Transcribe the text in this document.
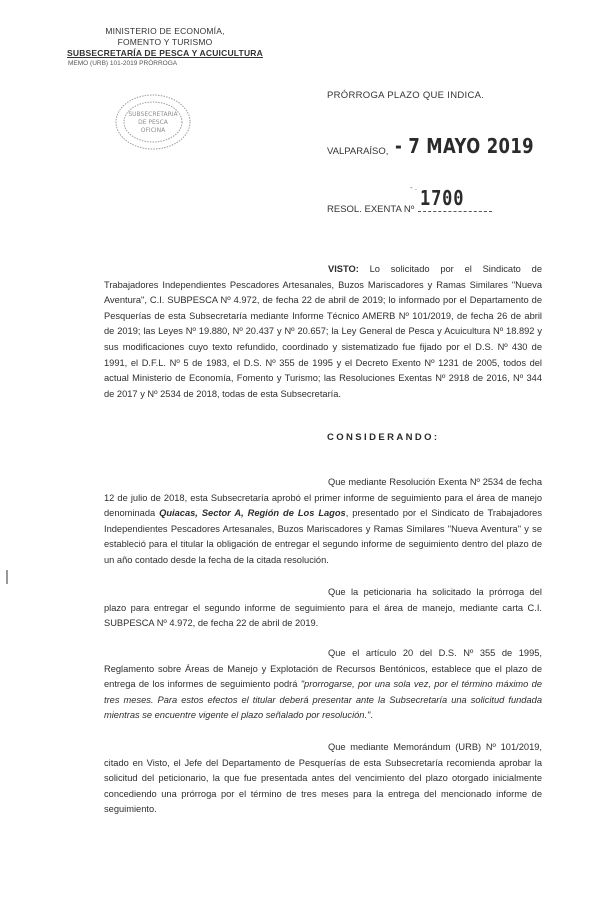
MINISTERIO DE ECONOMÍA,
FOMENTO Y TURISMO
SUBSECRETARÍA DE PESCA Y ACUICULTURA
MEMO (URB) 101-2019 PRÓRROGA
SUBSECRETARÍA
DE PESCA
OFICINA
PRÓRROGA PLAZO QUE INDICA.
VALPARAÍSO, - 7 MAYO 2019
- . 1700
RESOL. EXENTA Nº
VISTO: Lo solicitado por el Sindicato de Trabajadores Independientes Pescadores Artesanales, Buzos Mariscadores y Ramas Similares "Nueva Aventura", C.I. SUBPESCA Nº 4.972, de fecha 22 de abril de 2019; lo informado por el Departamento de Pesquerías de esta Subsecretaría mediante Informe Técnico AMERB Nº 101/2019, de fecha 26 de abril de 2019; las Leyes Nº 19.880, Nº 20.437 y Nº 20.657; la Ley General de Pesca y Acuicultura Nº 18.892 y sus modificaciones cuyo texto refundido, coordinado y sistematizado fue fijado por el D.S. Nº 430 de 1991, el D.F.L. Nº 5 de 1983, el D.S. Nº 355 de 1995 y el Decreto Exento Nº 1231 de 2005, todos del actual Ministerio de Economía, Fomento y Turismo; las Resoluciones Exentas Nº 2918 de 2016, Nº 344 de 2017 y Nº 2534 de 2018, todas de esta Subsecretaría.
CONSIDERANDO:
Que mediante Resolución Exenta Nº 2534 de fecha 12 de julio de 2018, esta Subsecretaría aprobó el primer informe de seguimiento para el área de manejo denominada Quiacas, Sector A, Región de Los Lagos, presentado por el Sindicato de Trabajadores Independientes Pescadores Artesanales, Buzos Mariscadores y Ramas Similares "Nueva Aventura" y se estableció para el titular la obligación de entregar el segundo informe de seguimiento dentro del plazo de un año contado desde la fecha de la citada resolución.
Que la peticionaria ha solicitado la prórroga del plazo para entregar el segundo informe de seguimiento para el área de manejo, mediante carta C.I. SUBPESCA Nº 4.972, de fecha 22 de abril de 2019.
Que el artículo 20 del D.S. Nº 355 de 1995, Reglamento sobre Áreas de Manejo y Explotación de Recursos Bentónicos, establece que el plazo de entrega de los informes de seguimiento podrá "prorrogarse, por una sola vez, por el término máximo de tres meses. Para estos efectos el titular deberá presentar ante la Subsecretaría una solicitud fundada mientras se encuentre vigente el plazo señalado por resolución.".
Que mediante Memorándum (URB) Nº 101/2019, citado en Visto, el Jefe del Departamento de Pesquerías de esta Subsecretaría recomienda aprobar la solicitud del peticionario, la que fue presentada antes del vencimiento del plazo otorgado inicialmente concediendo una prórroga por el término de tres meses para la entrega del mencionado informe de seguimiento.
